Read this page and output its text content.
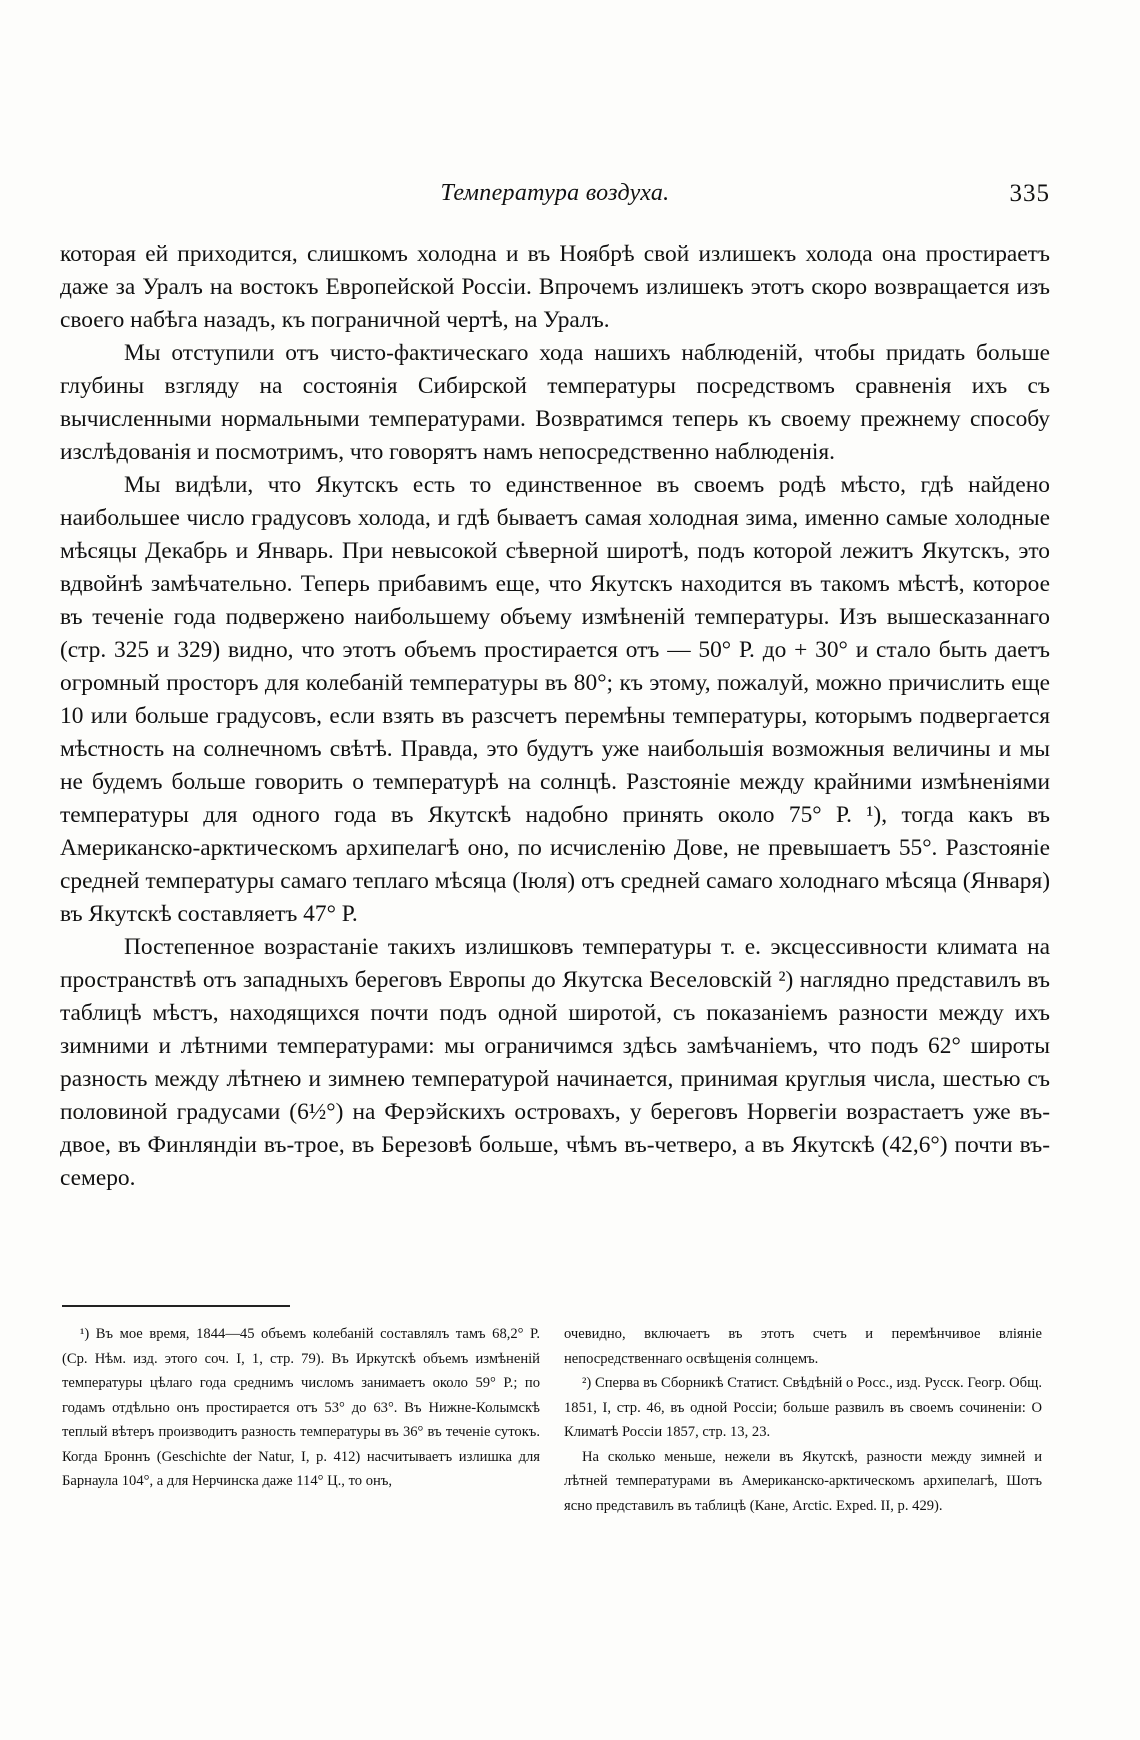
Температура воздуха.	335

которая ей приходится, слишкомъ холодна и въ Ноябрѣ свой излишекъ холода она простираетъ даже за Уралъ на востокъ Европейской Россіи. Впрочемъ излишекъ этотъ скоро возвращается изъ своего набѣга назадъ, къ пограничной чертѣ, на Уралъ.

Мы отступили отъ чисто-фактическаго хода нашихъ наблюденій, чтобы придать больше глубины взгляду на состоянія Сибирской температуры посредствомъ сравненія ихъ съ вычисленными нормальными температурами. Возвратимся теперь къ своему прежнему способу изслѣдованія и посмотримъ, что говорятъ намъ непосредственно наблюденія.

Мы видѣли, что Якутскъ есть то единственное въ своемъ родѣ мѣсто, гдѣ найдено наибольшее число градусовъ холода, и гдѣ бываетъ самая холодная зима, именно самые холодные мѣсяцы Декабрь и Январь. При невысокой сѣверной широтѣ, подъ которой лежитъ Якутскъ, это вдвойнѣ замѣчательно. Теперь прибавимъ еще, что Якутскъ находится въ такомъ мѣстѣ, которое въ теченіе года подвержено наибольшему объему измѣненій температуры. Изъ вышесказаннаго (стр. 325 и 329) видно, что этотъ объемъ простирается отъ — 50° Р. до + 30° и стало быть даетъ огромный просторъ для колебаній температуры въ 80°; къ этому, пожалуй, можно причислить еще 10 или больше градусовъ, если взять въ разсчетъ перемѣны температуры, которымъ подвергается мѣстность на солнечномъ свѣтѣ. Правда, это будутъ уже наибольшія возможныя величины и мы не будемъ больше говорить о температурѣ на солнцѣ. Разстояніе между крайними измѣненіями температуры для одного года въ Якутскѣ надобно принять около 75° Р. ¹), тогда какъ въ Американско-арктическомъ архипелагѣ оно, по исчисленію Дове, не превышаетъ 55°. Разстояніе средней температуры самаго теплаго мѣсяца (Іюля) отъ средней самаго холоднаго мѣсяца (Января) въ Якутскѣ составляетъ 47° Р.

Постепенное возрастаніе такихъ излишковъ температуры т. е. эксцессивности климата на пространствѣ отъ западныхъ береговъ Европы до Якутска Веселовскій ²) наглядно представилъ въ таблицѣ мѣстъ, находящихся почти подъ одной широтой, съ показаніемъ разности между ихъ зимними и лѣтними температурами: мы ограничимся здѣсь замѣчаніемъ, что подъ 62° широты разность между лѣтнею и зимнею температурой начинается, принимая круглыя числа, шестью съ половиной градусами (6½°) на Ферэйскихъ островахъ, у береговъ Норвегіи возрастаетъ уже въ-двое, въ Финляндіи въ-трое, въ Березовѣ больше, чѣмъ въ-четверо, а въ Якутскѣ (42,6°) почти въ-семеро.

¹) Въ мое время, 1844—45 объемъ колебаній составлялъ тамъ 68,2° Р. (Ср. Нѣм. изд. этого соч. I, 1, стр. 79). Въ Иркутскѣ объемъ измѣненій температуры цѣлаго года среднимъ числомъ занимаетъ около 59° Р.; по годамъ отдѣльно онъ простирается отъ 53° до 63°. Въ Нижне-Колымскѣ теплый вѣтеръ производитъ разность температуры въ 36° въ теченіе сутокъ. Когда Броннъ (Geschichte der Natur, I, p. 412) насчитываетъ излишка для Барнаула 104°, а для Нерчинска даже 114° Ц., то онъ,

очевидно, включаетъ въ этотъ счетъ и перемѣнчивое вліяніе непосредственнаго освѣщенія солнцемъ.

²) Сперва въ Сборникѣ Статист. Свѣдѣній о Росс., изд. Русск. Геогр. Общ. 1851, I, стр. 46, въ одной Россіи; больше развилъ въ своемъ сочиненіи: О Климатѣ Россіи 1857, стр. 13, 23.

На сколько меньше, нежели въ Якутскѣ, разности между зимней и лѣтней температурами въ Американско-арктическомъ архипелагѣ, Шотъ ясно представилъ въ таблицѣ (Кане, Arctic. Exped. II, p. 429).
